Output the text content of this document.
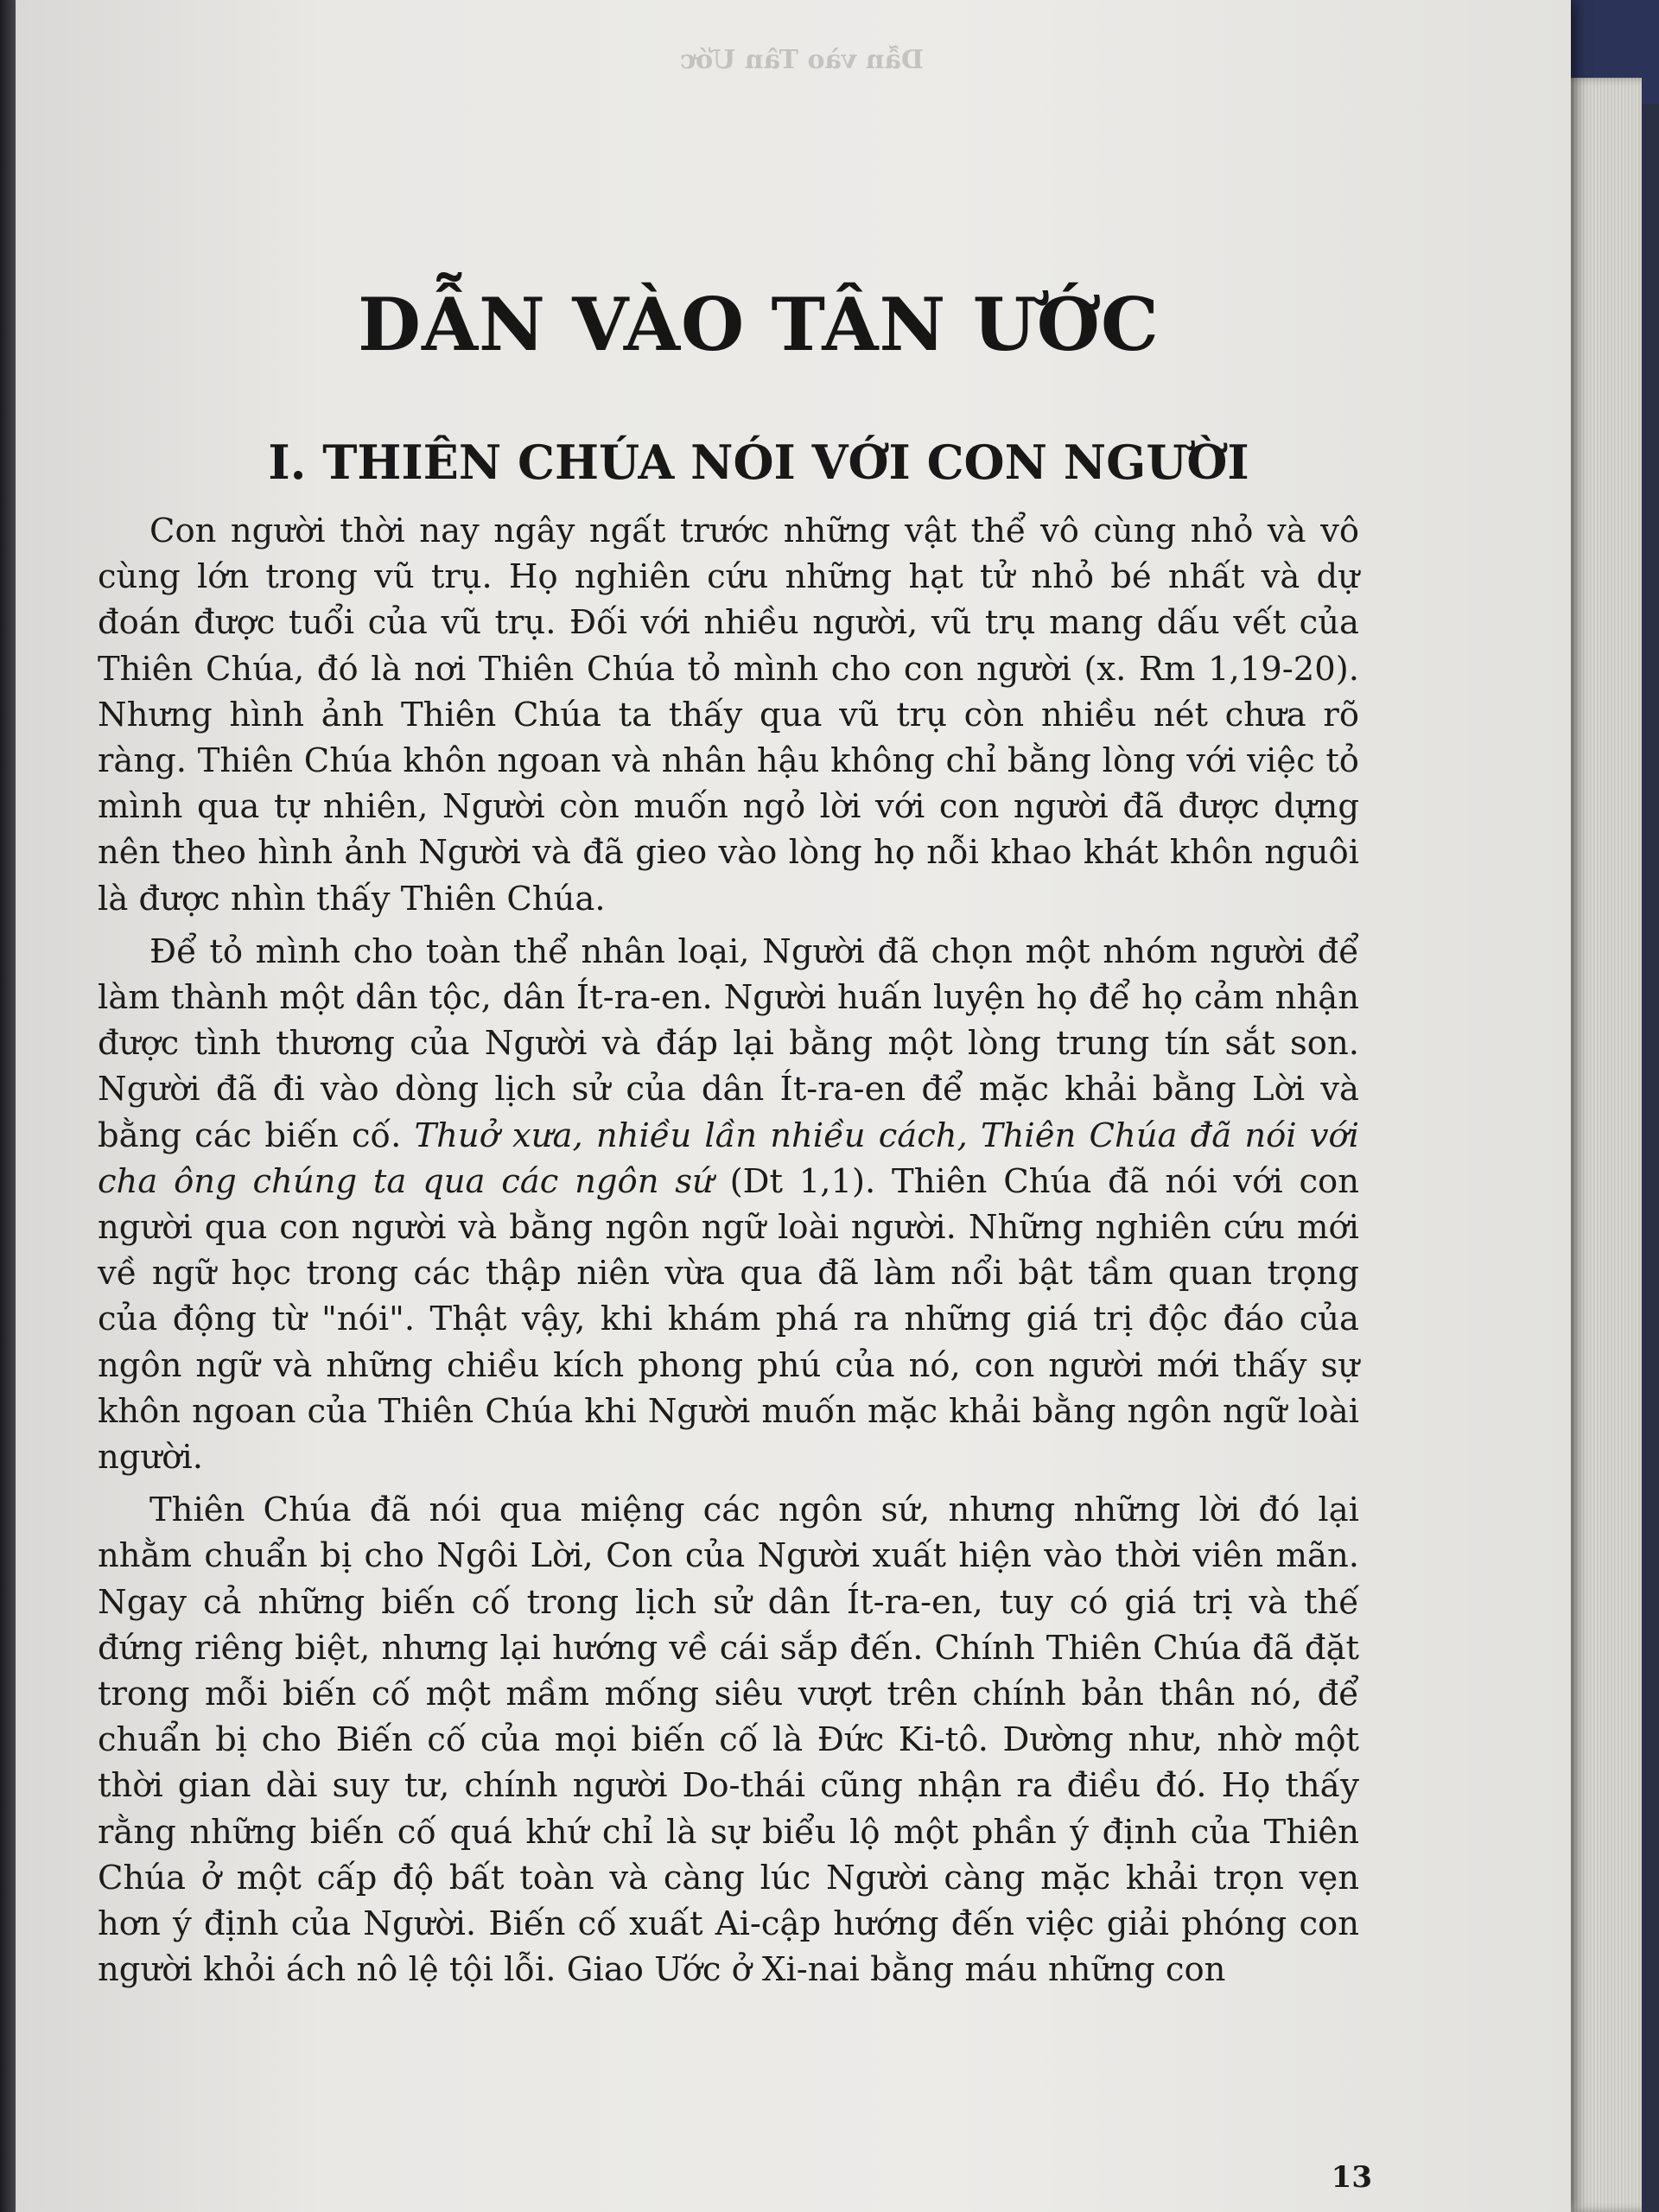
Dẫn vào Tân Ước
DẪN VÀO TÂN ƯỚC
I. THIÊN CHÚA NÓI VỚI CON NGƯỜI

Con người thời nay ngây ngất trước những vật thể vô cùng nhỏ và vô cùng lớn trong vũ trụ. Họ nghiên cứu những hạt tử nhỏ bé nhất và dự đoán được tuổi của vũ trụ. Đối với nhiều người, vũ trụ mang dấu vết của Thiên Chúa, đó là nơi Thiên Chúa tỏ mình cho con người (x. Rm 1,19-20). Nhưng hình ảnh Thiên Chúa ta thấy qua vũ trụ còn nhiều nét chưa rõ ràng. Thiên Chúa khôn ngoan và nhân hậu không chỉ bằng lòng với việc tỏ mình qua tự nhiên, Người còn muốn ngỏ lời với con người đã được dựng nên theo hình ảnh Người và đã gieo vào lòng họ nỗi khao khát khôn nguôi là được nhìn thấy Thiên Chúa.

Để tỏ mình cho toàn thể nhân loại, Người đã chọn một nhóm người để làm thành một dân tộc, dân Ít-ra-en. Người huấn luyện họ để họ cảm nhận được tình thương của Người và đáp lại bằng một lòng trung tín sắt son. Người đã đi vào dòng lịch sử của dân Ít-ra-en để mặc khải bằng Lời và bằng các biến cố. Thuở xưa, nhiều lần nhiều cách, Thiên Chúa đã nói với cha ông chúng ta qua các ngôn sứ (Dt 1,1). Thiên Chúa đã nói với con người qua con người và bằng ngôn ngữ loài người. Những nghiên cứu mới về ngữ học trong các thập niên vừa qua đã làm nổi bật tầm quan trọng của động từ "nói". Thật vậy, khi khám phá ra những giá trị độc đáo của ngôn ngữ và những chiều kích phong phú của nó, con người mới thấy sự khôn ngoan của Thiên Chúa khi Người muốn mặc khải bằng ngôn ngữ loài người.

Thiên Chúa đã nói qua miệng các ngôn sứ, nhưng những lời đó lại nhằm chuẩn bị cho Ngôi Lời, Con của Người xuất hiện vào thời viên mãn. Ngay cả những biến cố trong lịch sử dân Ít-ra-en, tuy có giá trị và thế đứng riêng biệt, nhưng lại hướng về cái sắp đến. Chính Thiên Chúa đã đặt trong mỗi biến cố một mầm mống siêu vượt trên chính bản thân nó, để chuẩn bị cho Biến cố của mọi biến cố là Đức Ki-tô. Dường như, nhờ một thời gian dài suy tư, chính người Do-thái cũng nhận ra điều đó. Họ thấy rằng những biến cố quá khứ chỉ là sự biểu lộ một phần ý định của Thiên Chúa ở một cấp độ bất toàn và càng lúc Người càng mặc khải trọn vẹn hơn ý định của Người. Biến cố xuất Ai-cập hướng đến việc giải phóng con người khỏi ách nô lệ tội lỗi. Giao Ước ở Xi-nai bằng máu những con

13
